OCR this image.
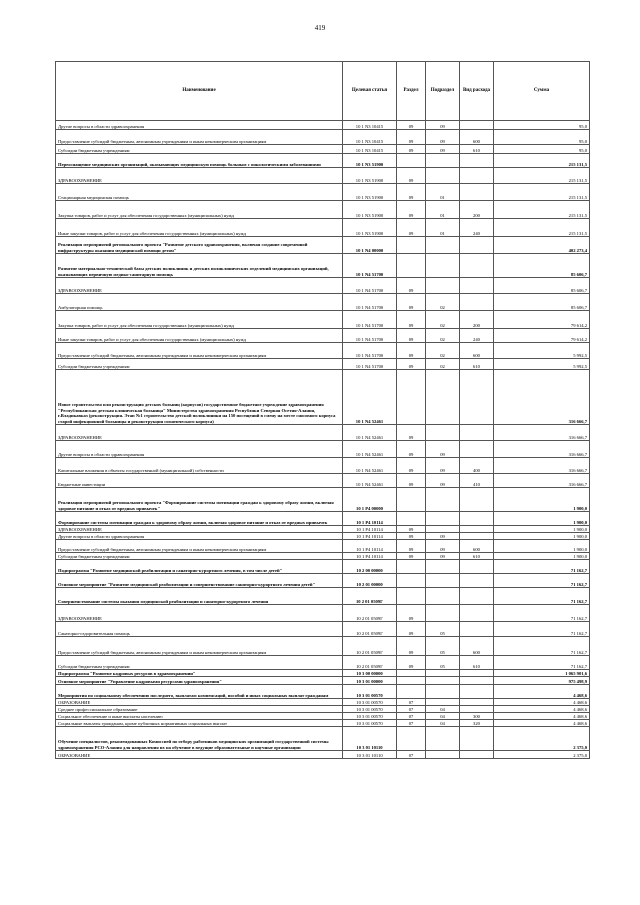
419
Наименование	Целевая статья	Раздел	Подраздел	Вид расхода	Сумма
Другие вопросы в области здравоохранения	10 1 N3 10415	09	09		95,0
Предоставление субсидий бюджетным, автономным учреждениям и иным некоммерческим организациям	10 1 N3 10415	09	09	600	95,0
Субсидии бюджетным учреждениям	10 1 N3 10415	09	09	610	95,0
Переоснащение медицинских организаций, оказывающих медицинскую помощь больным с онкологическими заболеваниями	10 1 N3 51900				215 131,5
ЗДРАВООХРАНЕНИЕ	10 1 N3 51900	09			215 131,5
Стационарная медицинская помощь	10 1 N3 51900	09	01		215 131,5
Закупка товаров, работ и услуг для обеспечения государственных (муниципальных) нужд	10 1 N3 51900	09	01	200	215 131,5
Иные закупки товаров, работ и услуг для обеспечения государственных (муниципальных) нужд	10 1 N3 51900	09	01	240	215 131,5
Реализация мероприятий регионального проекта "Развитие детского здравоохранения, включая создание современной инфраструктуры оказания медицинской помощи детям"	10 1 N4 00000				402 273,4
Развитие материально-технической базы детских поликлиник и детских поликлинических отделений медицинских организаций, оказывающих первичную медико-санитарную помощь	10 1 N4 51700				85 606,7
ЗДРАВООХРАНЕНИЕ	10 1 N4 51700	09			85 606,7
Амбулаторная помощь	10 1 N4 51700	09	02		85 606,7
Закупка товаров, работ и услуг для обеспечения государственных (муниципальных) нужд	10 1 N4 51700	09	02	200	79 614,2
Иные закупки товаров, работ и услуг для обеспечения государственных (муниципальных) нужд	10 1 N4 51700	09	02	240	79 614,2
Предоставление субсидий бюджетным, автономным учреждениям и иным некоммерческим организациям	10 1 N4 51700	09	02	600	5 992,5
Субсидии бюджетным учреждениям	10 1 N4 51700	09	02	610	5 992,5
Новое строительство или реконструкция детских больниц (корпусов) государственное бюджетное учреждение здравоохранения "Республиканская детская клиническая больница" Министерства здравоохранения Республики Северная Осетия-Алания, г.Владикавказ (реконструкция. Этап №1 строительство детской поликлиники на 150 посещений в смену на месте сносимого корпуса старой инфекционной больницы и реконструкция соматического корпуса)	10 1 N4 52461				316 666,7
ЗДРАВООХРАНЕНИЕ	10 1 N4 52461	09			316 666,7
Другие вопросы в области здравоохранения	10 1 N4 52461	09	09		316 666,7
Капитальные вложения в объекты государственной (муниципальной) собственности	10 1 N4 52461	09	09	400	316 666,7
Бюджетные инвестиции	10 1 N4 52461	09	09	410	316 666,7
Реализация мероприятий регионального проекта "Формирование системы мотивации граждан к здоровому образу жизни, включая здоровое питание и отказ от вредных привычек"	10 1 P4 00000				1 900,0
Формирование системы мотивации граждан к здоровому образу жизни, включая здоровое питание и отказ от вредных привычек	10 1 P4 10114				1 900,0
ЗДРАВООХРАНЕНИЕ	10 1 P4 10114	09			1 900,0
Другие вопросы в области здравоохранения	10 1 P4 10114	09	09		1 900,0
Предоставление субсидий бюджетным, автономным учреждениям и иным некоммерческим организациям	10 1 P4 10114	09	09	600	1 900,0
Субсидии бюджетным учреждениям	10 1 P4 10114	09	09	610	1 900,0
Подпрограмма "Развитие медицинской реабилитации и санаторно-курортного лечения, в том числе детей"	10 2 00 00000				71 162,7
Основное мероприятие "Развитие медицинской реабилитации и совершенствование санаторно-курортного лечения детей"	10 2 01 00000				71 162,7
Совершенствование системы оказания медицинской реабилитации и санаторно-курортного лечения	10 2 01 0509Г				71 162,7
ЗДРАВООХРАНЕНИЕ	10 2 01 0509Г	09			71 162,7
Санаторно-оздоровительная помощь	10 2 01 0509Г	09	05		71 162,7
Предоставление субсидий бюджетным, автономным учреждениям и иным некоммерческим организациям	10 2 01 0509Г	09	05	600	71 162,7
Субсидии бюджетным учреждениям	10 2 01 0509Г	09	05	610	71 162,7
Подпрограмма "Развитие кадровых ресурсов в здравоохранении"	10 3 00 00000				1 065 901,6
Основное мероприятие "Управление кадровыми ресурсами здравоохранения"	10 3 01 00000				975 498,9
Мероприятия по социальному обеспечению последнего, выплатам компенсаций, пособий и иных социальных выплат гражданам	10 3 01 00570				4 468,6
ОБРАЗОВАНИЕ	10 3 01 00570	07			4 468,6
Среднее профессиональное образование	10 3 01 00570	07	04		4 468,6
Социальное обеспечение и иные выплаты населению	10 3 01 00570	07	04	300	4 468,6
Социальные выплаты гражданам, кроме публичных нормативных социальных выплат	10 3 01 00570	07	04	320	4 468,6
Обучение специалистов, рекомендованных Комиссией по отбору работников медицинских организаций государственной системы здравоохранения РСО-Алания для направления их на обучение в ведущие образовательные и научные организации	10 3 01 10110				2 375,0
ОБРАЗОВАНИЕ	10 3 01 10110	07			2 375,0
